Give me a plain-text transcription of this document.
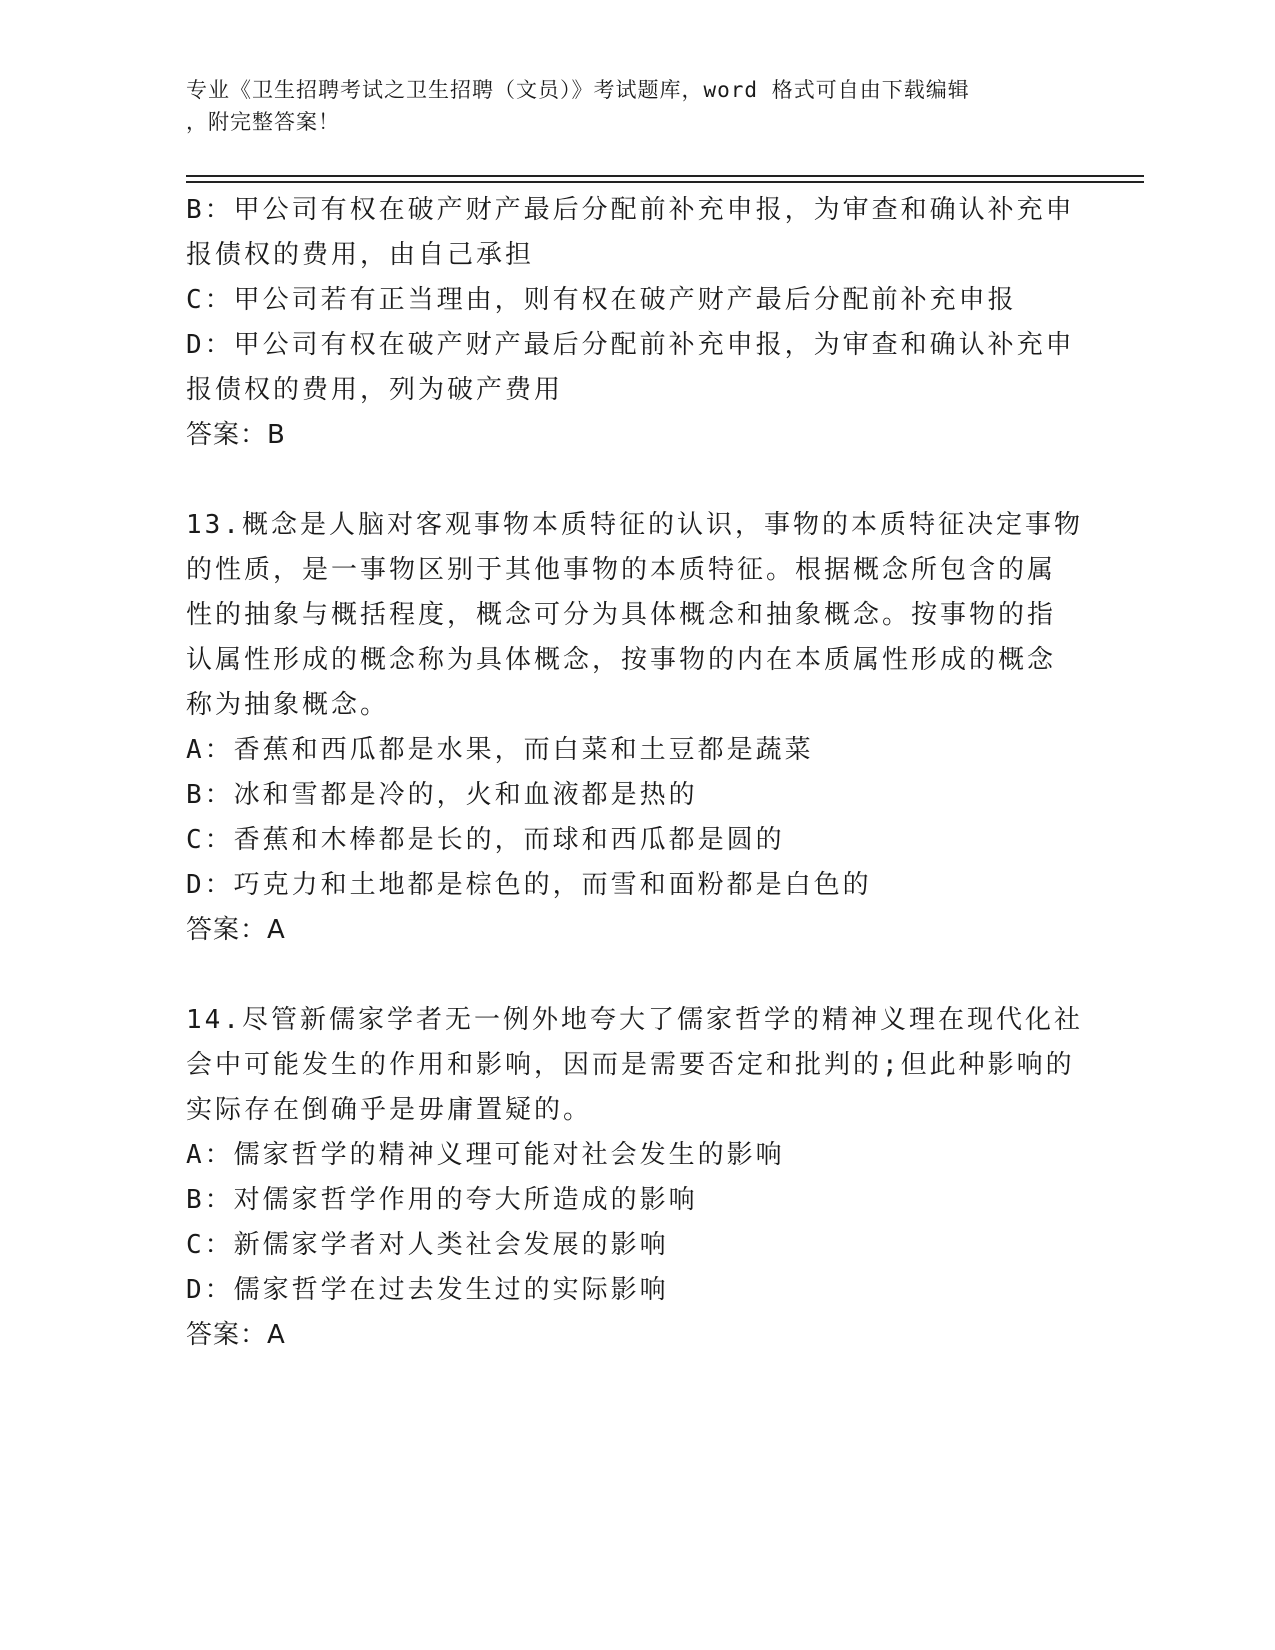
专业《卫生招聘考试之卫生招聘（文员）》考试题库，word 格式可自由下载编辑
，附完整答案！
B：甲公司有权在破产财产最后分配前补充申报，为审查和确认补充申
报债权的费用，由自己承担
C：甲公司若有正当理由，则有权在破产财产最后分配前补充申报
D：甲公司有权在破产财产最后分配前补充申报，为审查和确认补充申
报债权的费用，列为破产费用
答案：B
13.概念是人脑对客观事物本质特征的认识，事物的本质特征决定事物
的性质，是一事物区别于其他事物的本质特征。根据概念所包含的属
性的抽象与概括程度，概念可分为具体概念和抽象概念。按事物的指
认属性形成的概念称为具体概念，按事物的内在本质属性形成的概念
称为抽象概念。
A：香蕉和西瓜都是水果，而白菜和土豆都是蔬菜
B：冰和雪都是冷的，火和血液都是热的
C：香蕉和木棒都是长的，而球和西瓜都是圆的
D：巧克力和土地都是棕色的，而雪和面粉都是白色的
答案：A
14.尽管新儒家学者无一例外地夸大了儒家哲学的精神义理在现代化社
会中可能发生的作用和影响，因而是需要否定和批判的;但此种影响的
实际存在倒确乎是毋庸置疑的。
A：儒家哲学的精神义理可能对社会发生的影响
B：对儒家哲学作用的夸大所造成的影响
C：新儒家学者对人类社会发展的影响
D：儒家哲学在过去发生过的实际影响
答案：A
